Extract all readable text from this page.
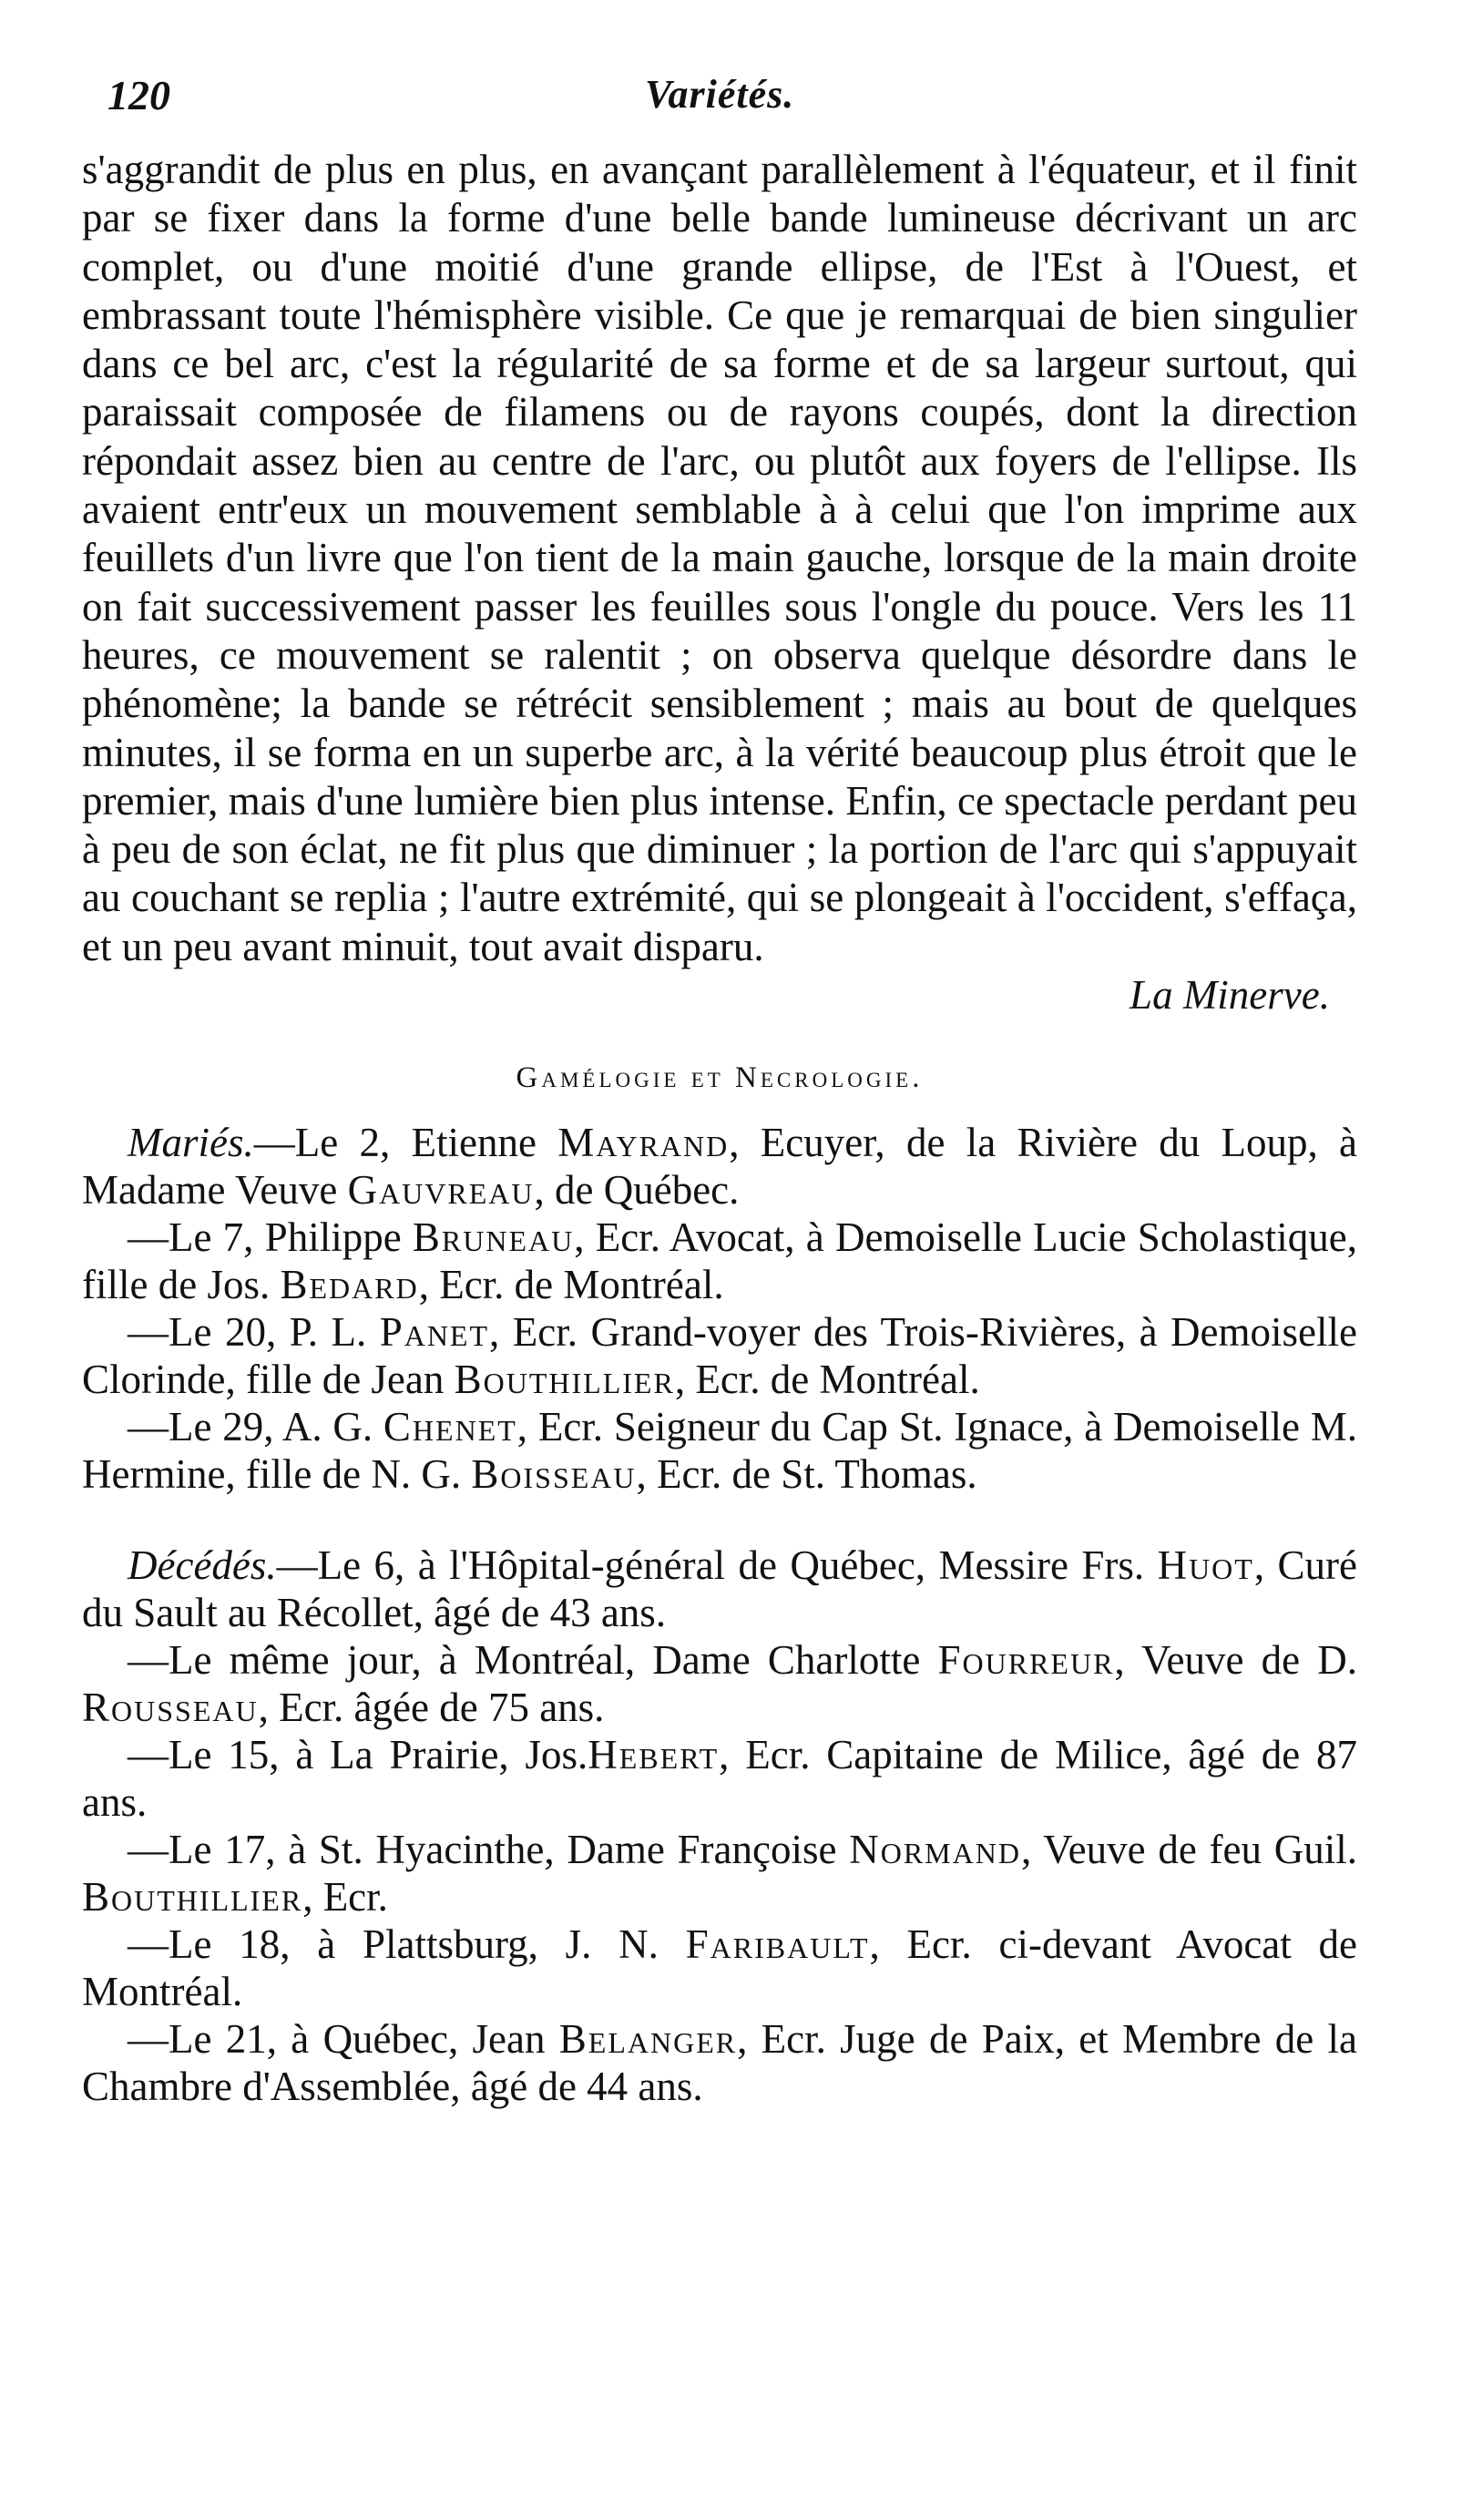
120	Variétés.

s'aggrandit de plus en plus, en avançant parallèlement à l'équateur, et il finit par se fixer dans la forme d'une belle bande lumineuse décrivant un arc complet, ou d'une moitié d'une grande ellipse, de l'Est à l'Ouest, et embrassant toute l'hémisphère visible. Ce que je remarquai de bien singulier dans ce bel arc, c'est la régularité de sa forme et de sa largeur surtout, qui paraissait composée de filamens ou de rayons coupés, dont la direction répondait assez bien au centre de l'arc, ou plutôt aux foyers de l'ellipse. Ils avaient entr'eux un mouvement semblable à à celui que l'on imprime aux feuillets d'un livre que l'on tient de la main gauche, lorsque de la main droite on fait successivement passer les feuilles sous l'ongle du pouce. Vers les 11 heures, ce mouvement se ralentit ; on observa quelque désordre dans le phénomène; la bande se rétrécit sensiblement ; mais au bout de quelques minutes, il se forma en un superbe arc, à la vérité beaucoup plus étroit que le premier, mais d'une lumière bien plus intense. Enfin, ce spectacle perdant peu à peu de son éclat, ne fit plus que diminuer ; la portion de l'arc qui s'appuyait au couchant se replia ; l'autre extrémité, qui se plongeait à l'occident, s'effaça, et un peu avant minuit, tout avait disparu.

La Minerve.

Gamélogie et Necrologie.

Mariés.—Le 2, Etienne Mayrand, Ecuyer, de la Rivière du Loup, à Madame Veuve Gauvreau, de Québec.

—Le 7, Philippe Bruneau, Ecr. Avocat, à Demoiselle Lucie Scholastique, fille de Jos. Bedard, Ecr. de Montréal.

—Le 20, P. L. Panet, Ecr. Grand-voyer des Trois-Rivières, à Demoiselle Clorinde, fille de Jean Bouthillier, Ecr. de Montréal.

—Le 29, A. G. Chenet, Ecr. Seigneur du Cap St. Ignace, à Demoiselle M. Hermine, fille de N. G. Boisseau, Ecr. de St. Thomas.

Décédés.—Le 6, à l'Hôpital-général de Québec, Messire Frs. Huot, Curé du Sault au Récollet, âgé de 43 ans.

—Le même jour, à Montréal, Dame Charlotte Fourreur, Veuve de D. Rousseau, Ecr. âgée de 75 ans.

—Le 15, à La Prairie, Jos.Hebert, Ecr. Capitaine de Milice, âgé de 87 ans.

—Le 17, à St. Hyacinthe, Dame Françoise Normand, Veuve de feu Guil. Bouthillier, Ecr.

—Le 18, à Plattsburg, J. N. Faribault, Ecr. ci-devant Avocat de Montréal.

—Le 21, à Québec, Jean Belanger, Ecr. Juge de Paix, et Membre de la Chambre d'Assemblée, âgé de 44 ans.
